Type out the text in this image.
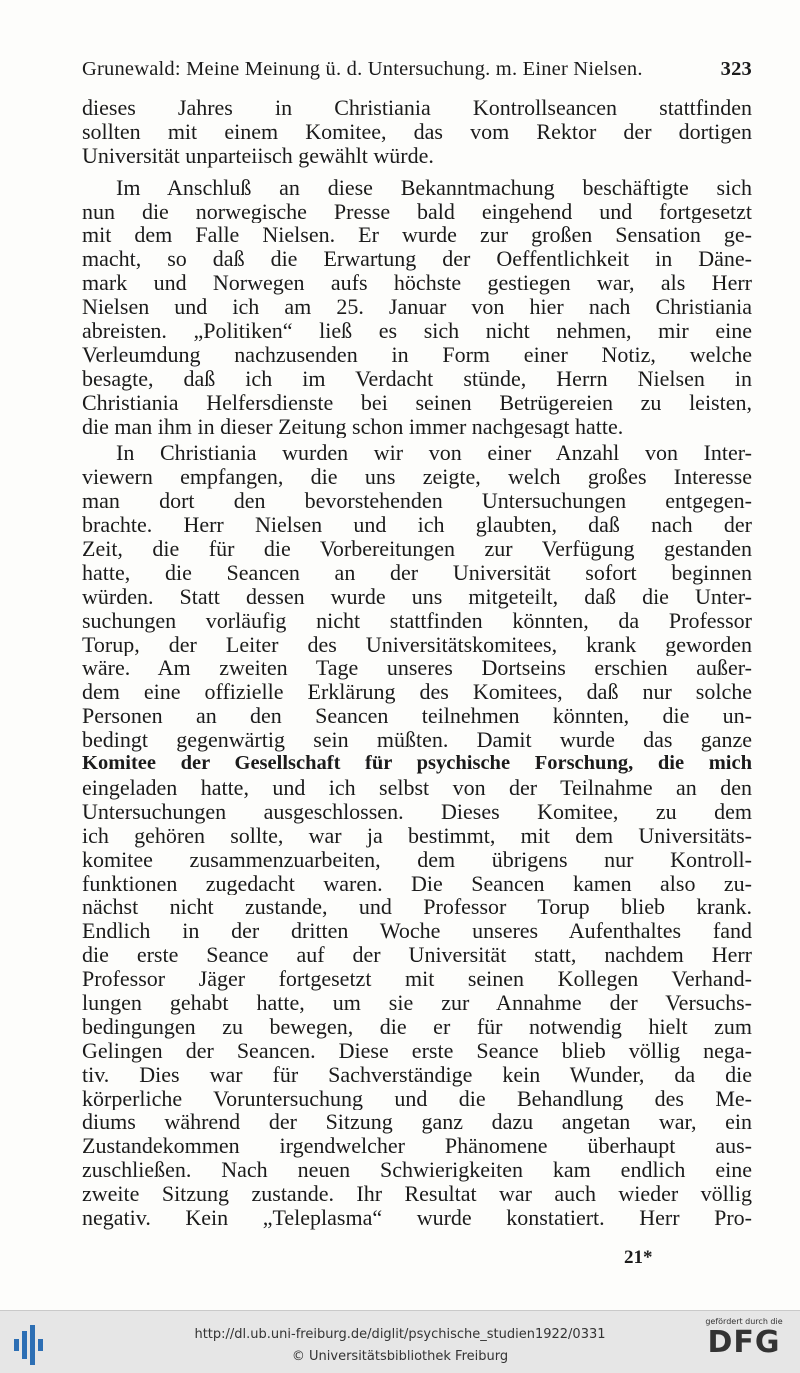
Grunewald: Meine Meinung ü. d. Untersuchung. m. Einer Nielsen.	323
dieses Jahres in Christiania Kontrollseancen stattfinden
sollten mit einem Komitee, das vom Rektor der dortigen
Universität unparteiisch gewählt würde.
Im Anschluß an diese Bekanntmachung beschäftigte sich
nun die norwegische Presse bald eingehend und fortgesetzt
mit dem Falle Nielsen. Er wurde zur großen Sensation ge-
macht, so daß die Erwartung der Oeffentlichkeit in Däne-
mark und Norwegen aufs höchste gestiegen war, als Herr
Nielsen und ich am 25. Januar von hier nach Christiania
abreisten. „Politiken“ ließ es sich nicht nehmen, mir eine
Verleumdung nachzusenden in Form einer Notiz, welche
besagte, daß ich im Verdacht stünde, Herrn Nielsen in
Christiania Helfersdienste bei seinen Betrügereien zu leisten,
die man ihm in dieser Zeitung schon immer nachgesagt hatte.
In Christiania wurden wir von einer Anzahl von Inter-
viewern empfangen, die uns zeigte, welch großes Interesse
man dort den bevorstehenden Untersuchungen entgegen-
brachte. Herr Nielsen und ich glaubten, daß nach der
Zeit, die für die Vorbereitungen zur Verfügung gestanden
hatte, die Seancen an der Universität sofort beginnen
würden. Statt dessen wurde uns mitgeteilt, daß die Unter-
suchungen vorläufig nicht stattfinden könnten, da Professor
Torup, der Leiter des Universitätskomitees, krank geworden
wäre. Am zweiten Tage unseres Dortseins erschien außer-
dem eine offizielle Erklärung des Komitees, daß nur solche
Personen an den Seancen teilnehmen könnten, die un-
bedingt gegenwärtig sein müßten. Damit wurde das ganze
Komitee der Gesellschaft für psychische Forschung, die mich
eingeladen hatte, und ich selbst von der Teilnahme an den
Untersuchungen ausgeschlossen. Dieses Komitee, zu dem
ich gehören sollte, war ja bestimmt, mit dem Universitäts-
komitee zusammenzuarbeiten, dem übrigens nur Kontroll-
funktionen zugedacht waren. Die Seancen kamen also zu-
nächst nicht zustande, und Professor Torup blieb krank.
Endlich in der dritten Woche unseres Aufenthaltes fand
die erste Seance auf der Universität statt, nachdem Herr
Professor Jäger fortgesetzt mit seinen Kollegen Verhand-
lungen gehabt hatte, um sie zur Annahme der Versuchs-
bedingungen zu bewegen, die er für notwendig hielt zum
Gelingen der Seancen. Diese erste Seance blieb völlig nega-
tiv. Dies war für Sachverständige kein Wunder, da die
körperliche Voruntersuchung und die Behandlung des Me-
diums während der Sitzung ganz dazu angetan war, ein
Zustandekommen irgendwelcher Phänomene überhaupt aus-
zuschließen. Nach neuen Schwierigkeiten kam endlich eine
zweite Sitzung zustande. Ihr Resultat war auch wieder völlig
negativ. Kein „Teleplasma“ wurde konstatiert. Herr Pro-
21*
http://dl.ub.uni-freiburg.de/diglit/psychische_studien1922/0331
© Universitätsbibliothek Freiburg
gefördert durch die
DFG
